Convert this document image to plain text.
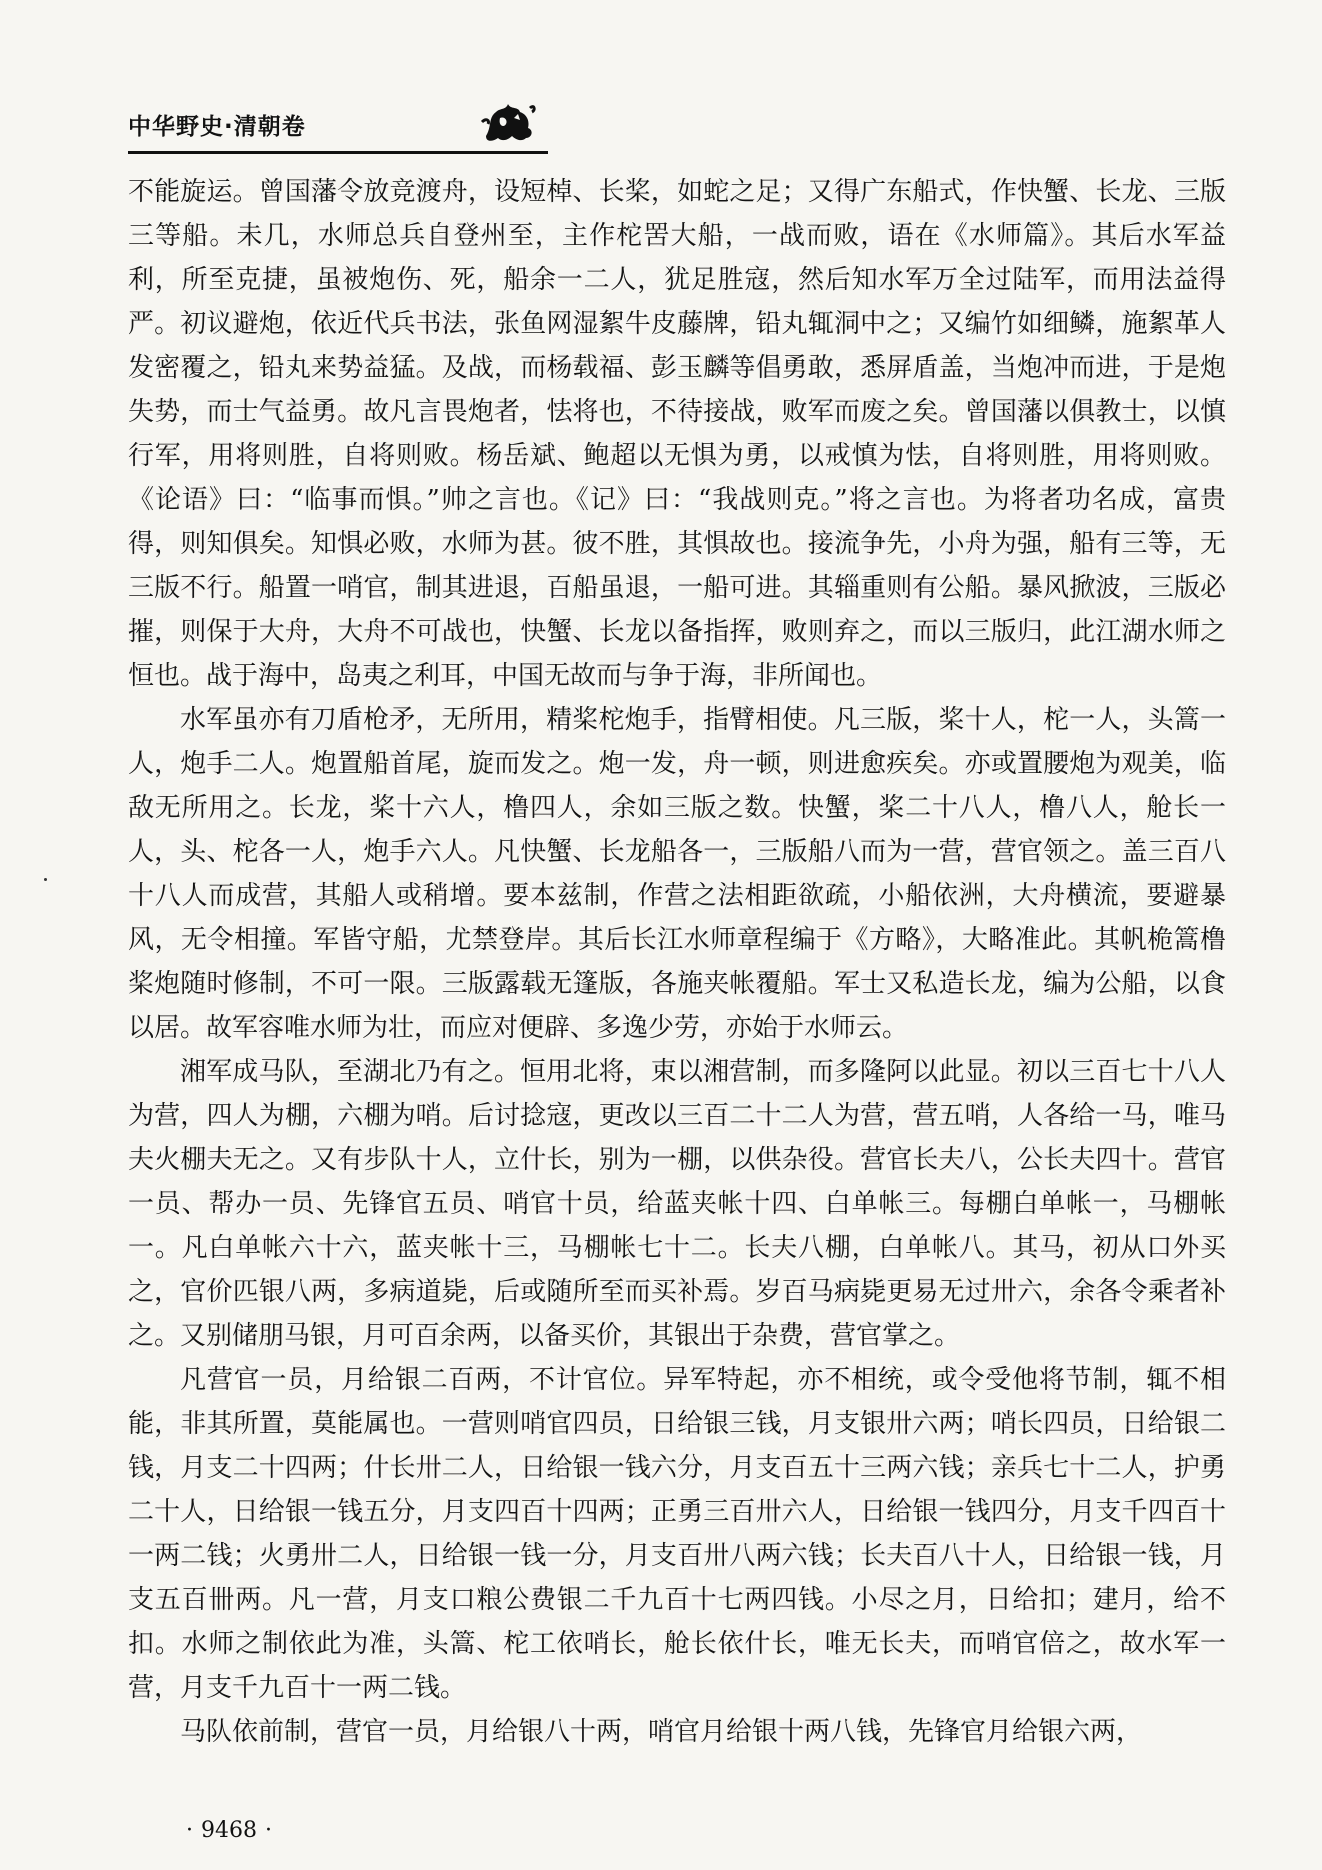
中华野史·清朝卷

不能旋运。曾国藩令放竞渡舟，设短棹、长桨，如蛇之足；又得广东船式，作快蟹、长龙、三版三等船。未几，水师总兵自登州至，主作柁罟大船，一战而败，语在《水师篇》。其后水军益利，所至克捷，虽被炮伤、死，船余一二人，犹足胜寇，然后知水军万全过陆军，而用法益得严。初议避炮，依近代兵书法，张鱼网湿絮牛皮藤牌，铅丸辄洞中之；又编竹如细鳞，施絮革人发密覆之，铅丸来势益猛。及战，而杨载福、彭玉麟等倡勇敢，悉屏盾盖，当炮冲而进，于是炮失势，而士气益勇。故凡言畏炮者，怯将也，不待接战，败军而废之矣。曾国藩以俱教士，以慎行军，用将则胜，自将则败。杨岳斌、鲍超以无惧为勇，以戒慎为怯，自将则胜，用将则败。《论语》曰：“临事而惧。”帅之言也。《记》曰：“我战则克。”将之言也。为将者功名成，富贵得，则知俱矣。知惧必败，水师为甚。彼不胜，其惧故也。接流争先，小舟为强，船有三等，无三版不行。船置一哨官，制其进退，百船虽退，一船可进。其辎重则有公船。暴风掀波，三版必摧，则保于大舟，大舟不可战也，快蟹、长龙以备指挥，败则弃之，而以三版归，此江湖水师之恒也。战于海中，岛夷之利耳，中国无故而与争于海，非所闻也。

水军虽亦有刀盾枪矛，无所用，精桨柁炮手，指臂相使。凡三版，桨十人，柁一人，头篙一人，炮手二人。炮置船首尾，旋而发之。炮一发，舟一顿，则进愈疾矣。亦或置腰炮为观美，临敌无所用之。长龙，桨十六人，橹四人，余如三版之数。快蟹，桨二十八人，橹八人，舱长一人，头、柁各一人，炮手六人。凡快蟹、长龙船各一，三版船八而为一营，营官领之。盖三百八十八人而成营，其船人或稍增。要本兹制，作营之法相距欲疏，小船依洲，大舟横流，要避暴风，无令相撞。军皆守船，尤禁登岸。其后长江水师章程编于《方略》，大略准此。其帆桅篙橹桨炮随时修制，不可一限。三版露载无篷版，各施夹帐覆船。军士又私造长龙，编为公船，以食以居。故军容唯水师为壮，而应对便辟、多逸少劳，亦始于水师云。

湘军成马队，至湖北乃有之。恒用北将，束以湘营制，而多隆阿以此显。初以三百七十八人为营，四人为棚，六棚为哨。后讨捻寇，更改以三百二十二人为营，营五哨，人各给一马，唯马夫火棚夫无之。又有步队十人，立什长，别为一棚，以供杂役。营官长夫八，公长夫四十。营官一员、帮办一员、先锋官五员、哨官十员，给蓝夹帐十四、白单帐三。每棚白单帐一，马棚帐一。凡白单帐六十六，蓝夹帐十三，马棚帐七十二。长夫八棚，白单帐八。其马，初从口外买之，官价匹银八两，多病道毙，后或随所至而买补焉。岁百马病毙更易无过卅六，余各令乘者补之。又别储朋马银，月可百余两，以备买价，其银出于杂费，营官掌之。

凡营官一员，月给银二百两，不计官位。异军特起，亦不相统，或令受他将节制，辄不相能，非其所置，莫能属也。一营则哨官四员，日给银三钱，月支银卅六两；哨长四员，日给银二钱，月支二十四两；什长卅二人，日给银一钱六分，月支百五十三两六钱；亲兵七十二人，护勇二十人，日给银一钱五分，月支四百十四两；正勇三百卅六人，日给银一钱四分，月支千四百十一两二钱；火勇卅二人，日给银一钱一分，月支百卅八两六钱；长夫百八十人，日给银一钱，月支五百卌两。凡一营，月支口粮公费银二千九百十七两四钱。小尽之月，日给扣；建月，给不扣。水师之制依此为准，头篙、柁工依哨长，舱长依什长，唯无长夫，而哨官倍之，故水军一营，月支千九百十一两二钱。

马队依前制，营官一员，月给银八十两，哨官月给银十两八钱，先锋官月给银六两，

· 9468 ·
